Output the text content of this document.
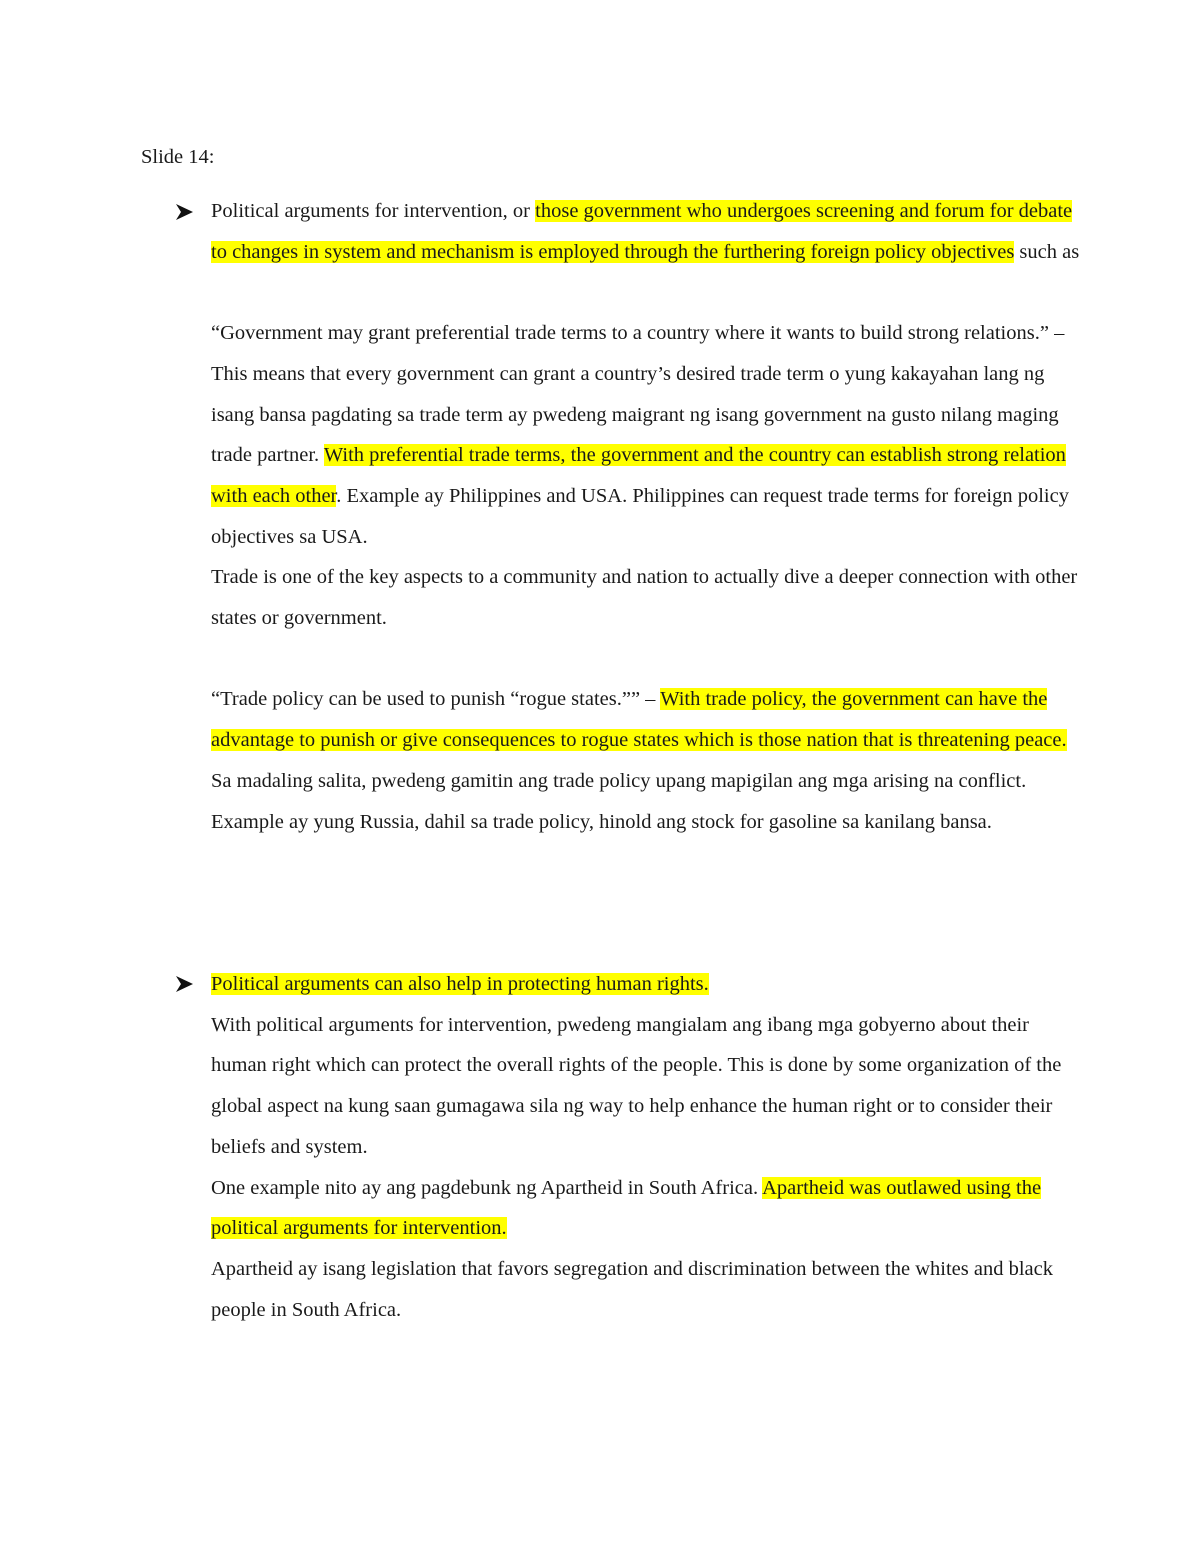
Slide 14:

Political arguments for intervention, or those government who undergoes screening and forum for debate to changes in system and mechanism is employed through the furthering foreign policy objectives such as

“Government may grant preferential trade terms to a country where it wants to build strong relations.” – This means that every government can grant a country’s desired trade term o yung kakayahan lang ng isang bansa pagdating sa trade term ay pwedeng maigrant ng isang government na gusto nilang maging trade partner. With preferential trade terms, the government and the country can establish strong relation with each other. Example ay Philippines and USA. Philippines can request trade terms for foreign policy objectives sa USA.

Trade is one of the key aspects to a community and nation to actually dive a deeper connection with other states or government.

“Trade policy can be used to punish “rogue states.”” – With trade policy, the government can have the advantage to punish or give consequences to rogue states which is those nation that is threatening peace. Sa madaling salita, pwedeng gamitin ang trade policy upang mapigilan ang mga arising na conflict. Example ay yung Russia, dahil sa trade policy, hinold ang stock for gasoline sa kanilang bansa.

Political arguments can also help in protecting human rights.

With political arguments for intervention, pwedeng mangialam ang ibang mga gobyerno about their human right which can protect the overall rights of the people. This is done by some organization of the global aspect na kung saan gumagawa sila ng way to help enhance the human right or to consider their beliefs and system.

One example nito ay ang pagdebunk ng Apartheid in South Africa. Apartheid was outlawed using the political arguments for intervention.

Apartheid ay isang legislation that favors segregation and discrimination between the whites and black people in South Africa.
